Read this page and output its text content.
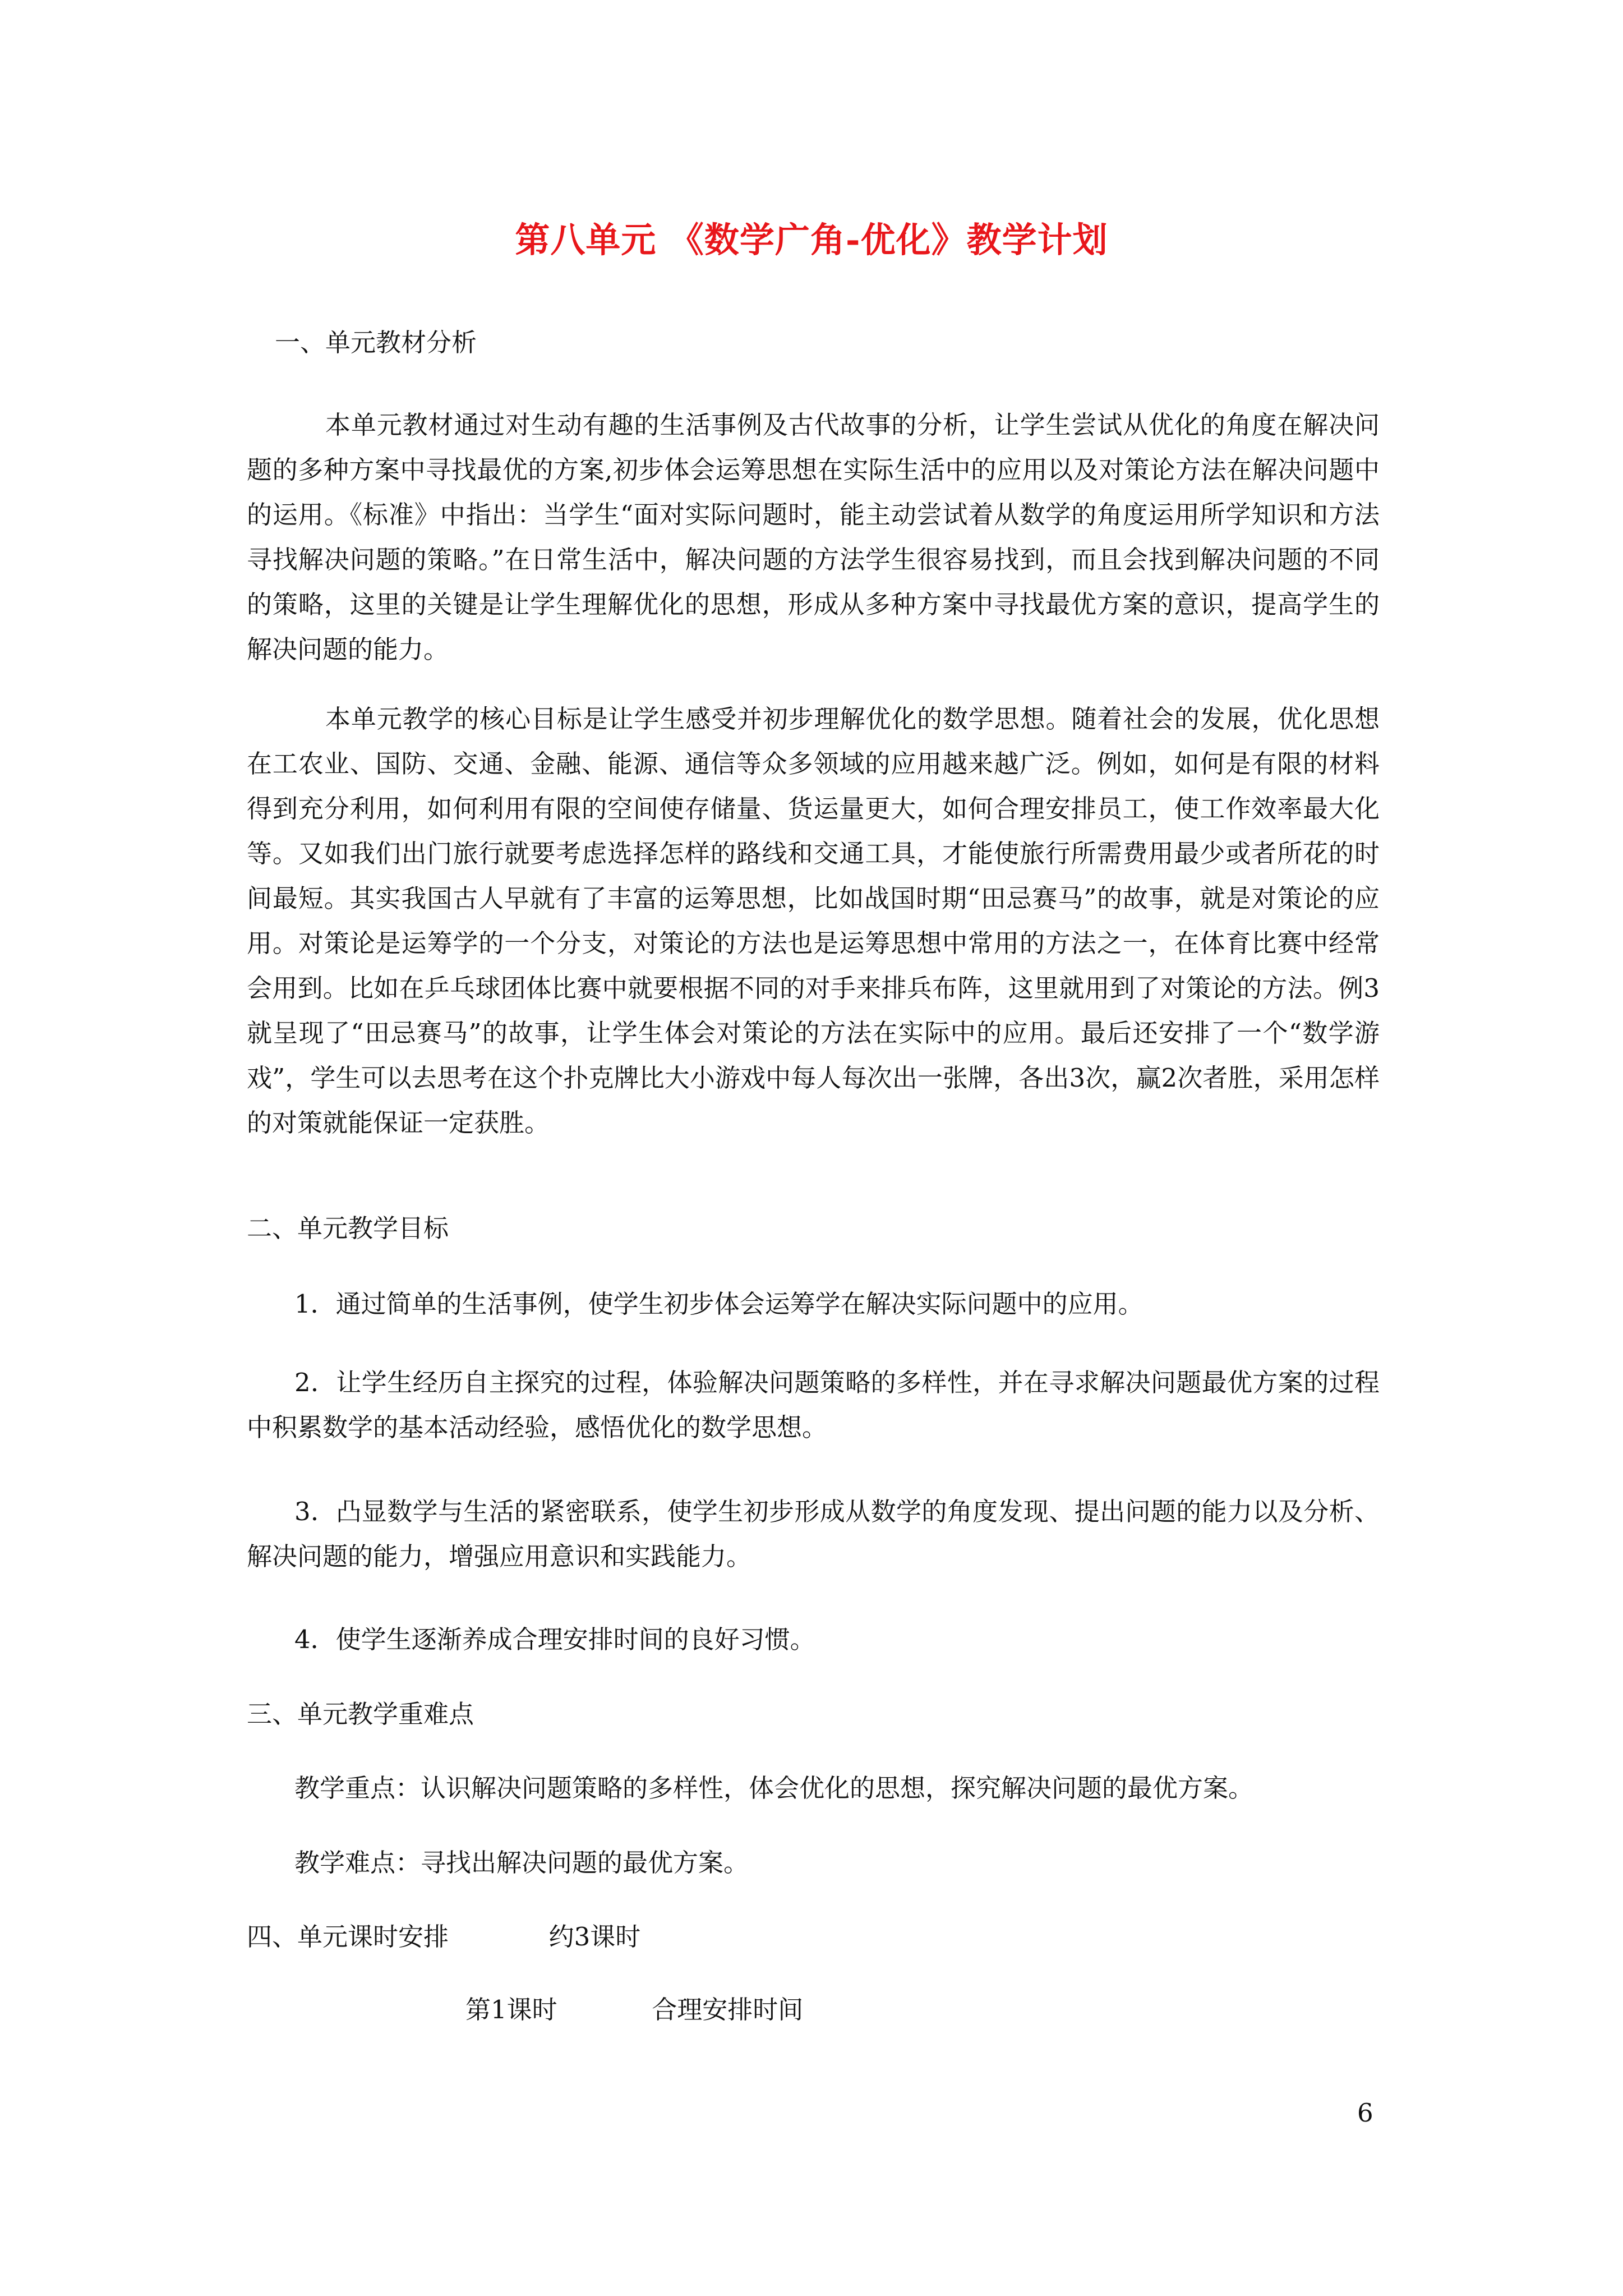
第八单元 《数学广角-优化》教学计划
一、单元教材分析
本单元教材通过对生动有趣的生活事例及古代故事的分析，让学生尝试从优化的角度在解决问题的多种方案中寻找最优的方案,初步体会运筹思想在实际生活中的应用以及对策论方法在解决问题中的运用。《标准》中指出：当学生“面对实际问题时，能主动尝试着从数学的角度运用所学知识和方法寻找解决问题的策略。”在日常生活中，解决问题的方法学生很容易找到，而且会找到解决问题的不同的策略，这里的关键是让学生理解优化的思想，形成从多种方案中寻找最优方案的意识，提高学生的解决问题的能力。
本单元教学的核心目标是让学生感受并初步理解优化的数学思想。随着社会的发展，优化思想在工农业、国防、交通、金融、能源、通信等众多领域的应用越来越广泛。例如，如何是有限的材料得到充分利用，如何利用有限的空间使存储量、货运量更大，如何合理安排员工，使工作效率最大化等。又如我们出门旅行就要考虑选择怎样的路线和交通工具，才能使旅行所需费用最少或者所花的时间最短。其实我国古人早就有了丰富的运筹思想，比如战国时期“田忌赛马”的故事，就是对策论的应用。对策论是运筹学的一个分支，对策论的方法也是运筹思想中常用的方法之一，在体育比赛中经常会用到。比如在乒乓球团体比赛中就要根据不同的对手来排兵布阵，这里就用到了对策论的方法。例3就呈现了“田忌赛马”的故事，让学生体会对策论的方法在实际中的应用。最后还安排了一个“数学游戏”，学生可以去思考在这个扑克牌比大小游戏中每人每次出一张牌，各出3次，赢2次者胜，采用怎样的对策就能保证一定获胜。
二、单元教学目标
1．通过简单的生活事例，使学生初步体会运筹学在解决实际问题中的应用。
2．让学生经历自主探究的过程，体验解决问题策略的多样性，并在寻求解决问题最优方案的过程中积累数学的基本活动经验，感悟优化的数学思想。
3．凸显数学与生活的紧密联系，使学生初步形成从数学的角度发现、提出问题的能力以及分析、解决问题的能力，增强应用意识和实践能力。
4．使学生逐渐养成合理安排时间的良好习惯。
三、单元教学重难点
教学重点：认识解决问题策略的多样性，体会优化的思想，探究解决问题的最优方案。
教学难点：寻找出解决问题的最优方案。
四、单元课时安排	约3课时
第1课时	合理安排时间
6
